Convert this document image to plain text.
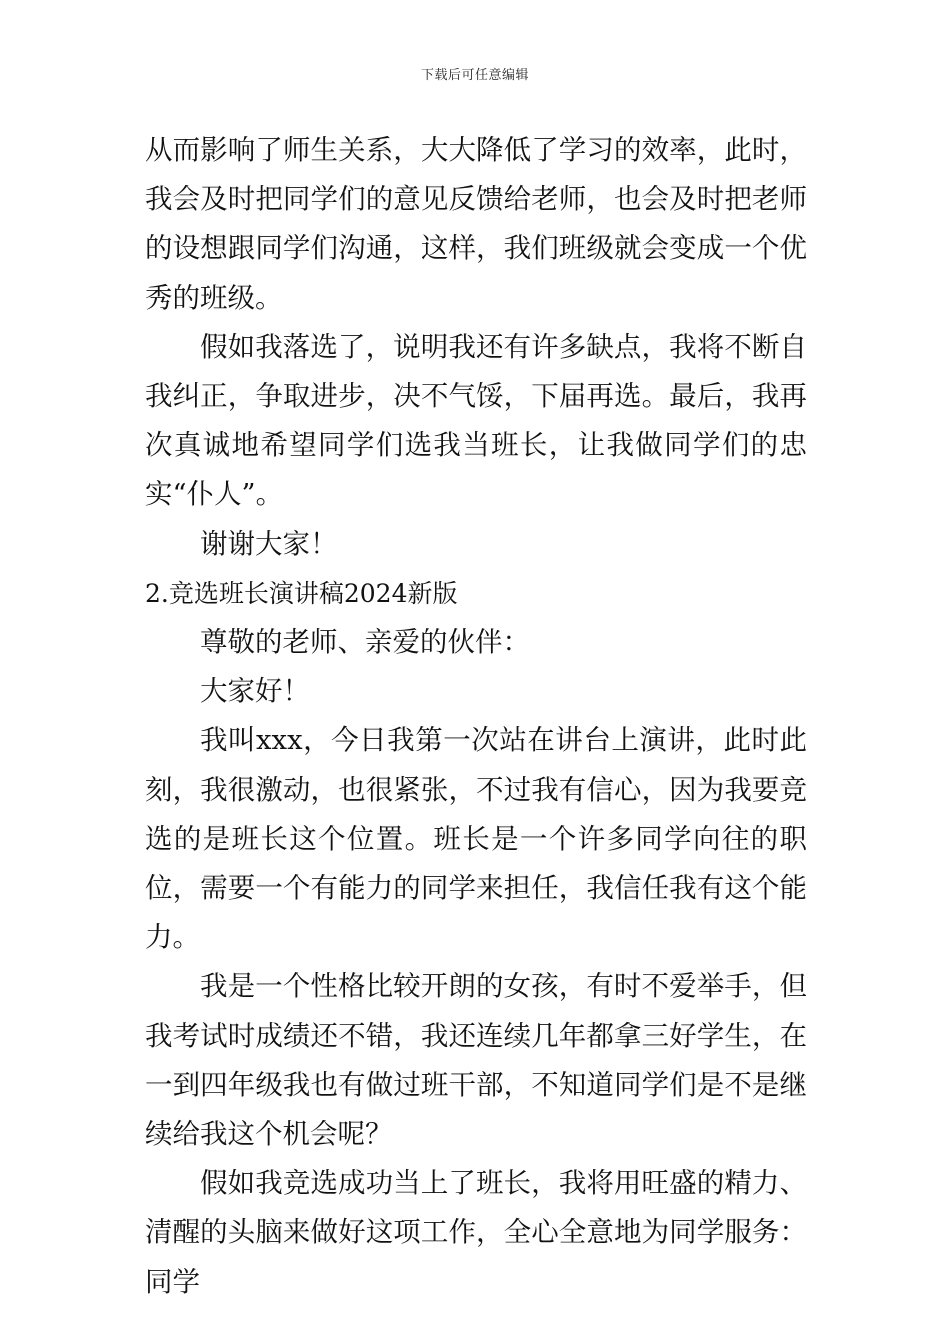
下载后可任意编辑

从而影响了师生关系，大大降低了学习的效率，此时，我会及时把同学们的意见反馈给老师，也会及时把老师的设想跟同学们沟通，这样，我们班级就会变成一个优秀的班级。

假如我落选了，说明我还有许多缺点，我将不断自我纠正，争取进步，决不气馁，下届再选。最后，我再次真诚地希望同学们选我当班长，让我做同学们的忠实“仆人”。

谢谢大家！

2.竞选班长演讲稿2024新版

尊敬的老师、亲爱的伙伴：

大家好！

我叫xxx，今日我第一次站在讲台上演讲，此时此刻，我很激动，也很紧张，不过我有信心，因为我要竞选的是班长这个位置。班长是一个许多同学向往的职位，需要一个有能力的同学来担任，我信任我有这个能力。

我是一个性格比较开朗的女孩，有时不爱举手，但我考试时成绩还不错，我还连续几年都拿三好学生，在一到四年级我也有做过班干部，不知道同学们是不是继续给我这个机会呢？

假如我竞选成功当上了班长，我将用旺盛的精力、清醒的头脑来做好这项工作，全心全意地为同学服务：同学
